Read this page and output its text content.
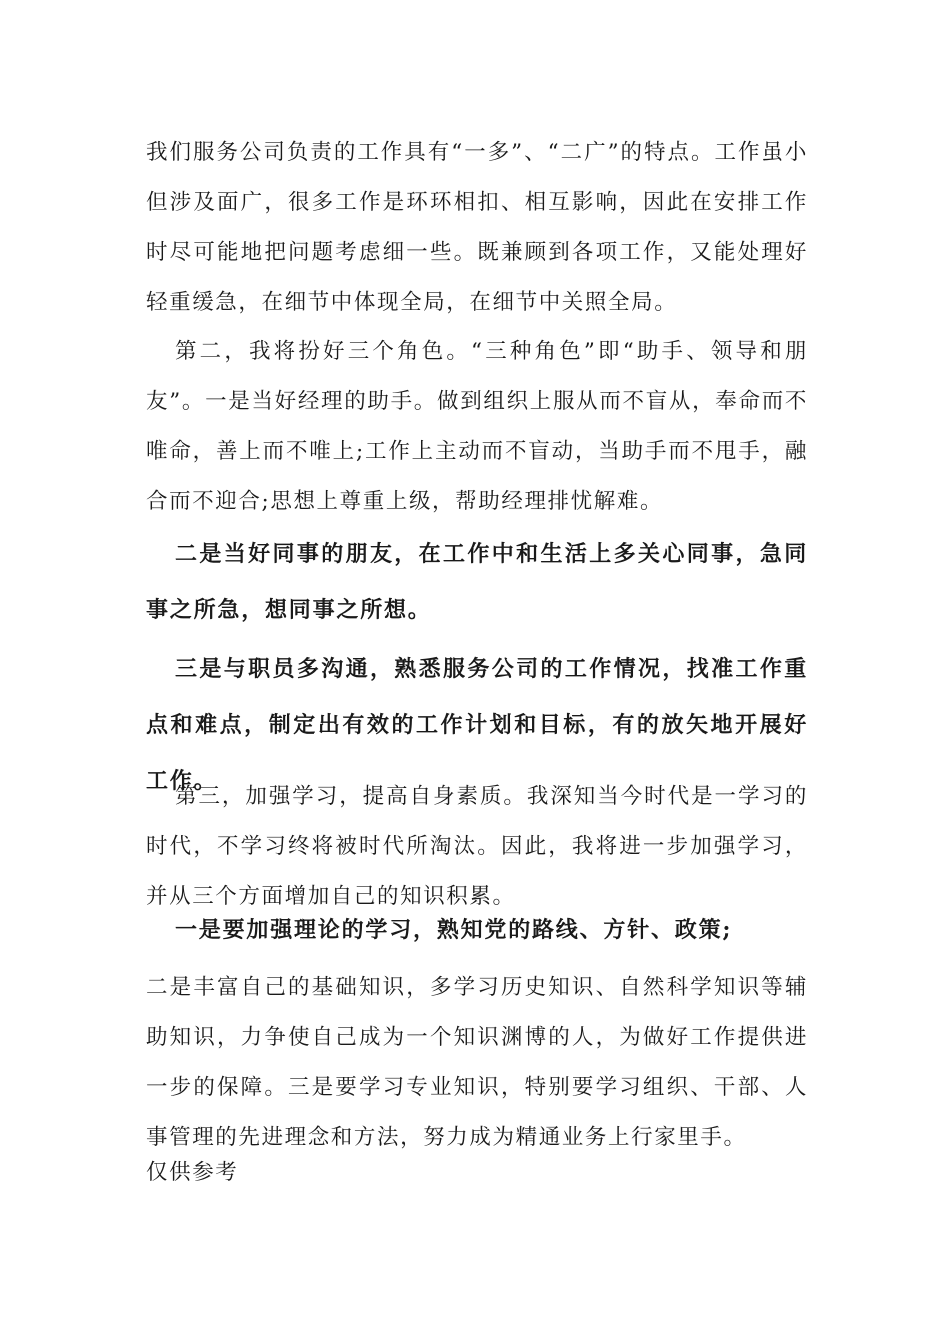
我们服务公司负责的工作具有“一多”、“二广”的特点。工作虽小但涉及面广，很多工作是环环相扣、相互影响，因此在安排工作时尽可能地把问题考虑细一些。既兼顾到各项工作，又能处理好轻重缓急，在细节中体现全局，在细节中关照全局。

第二，我将扮好三个角色。“三种角色”即“助手、领导和朋友”。一是当好经理的助手。做到组织上服从而不盲从，奉命而不唯命，善上而不唯上;工作上主动而不盲动，当助手而不甩手，融合而不迎合;思想上尊重上级，帮助经理排忧解难。

二是当好同事的朋友，在工作中和生活上多关心同事，急同事之所急，想同事之所想。

三是与职员多沟通，熟悉服务公司的工作情况，找准工作重点和难点，制定出有效的工作计划和目标，有的放矢地开展好工作。

第三，加强学习，提高自身素质。我深知当今时代是一学习的时代，不学习终将被时代所淘汰。因此，我将进一步加强学习，并从三个方面增加自己的知识积累。

一是要加强理论的学习，熟知党的路线、方针、政策;

二是丰富自己的基础知识，多学习历史知识、自然科学知识等辅助知识，力争使自己成为一个知识渊博的人，为做好工作提供进一步的保障。三是要学习专业知识，特别要学习组织、干部、人事管理的先进理念和方法，努力成为精通业务上行家里手。

仅供参考
